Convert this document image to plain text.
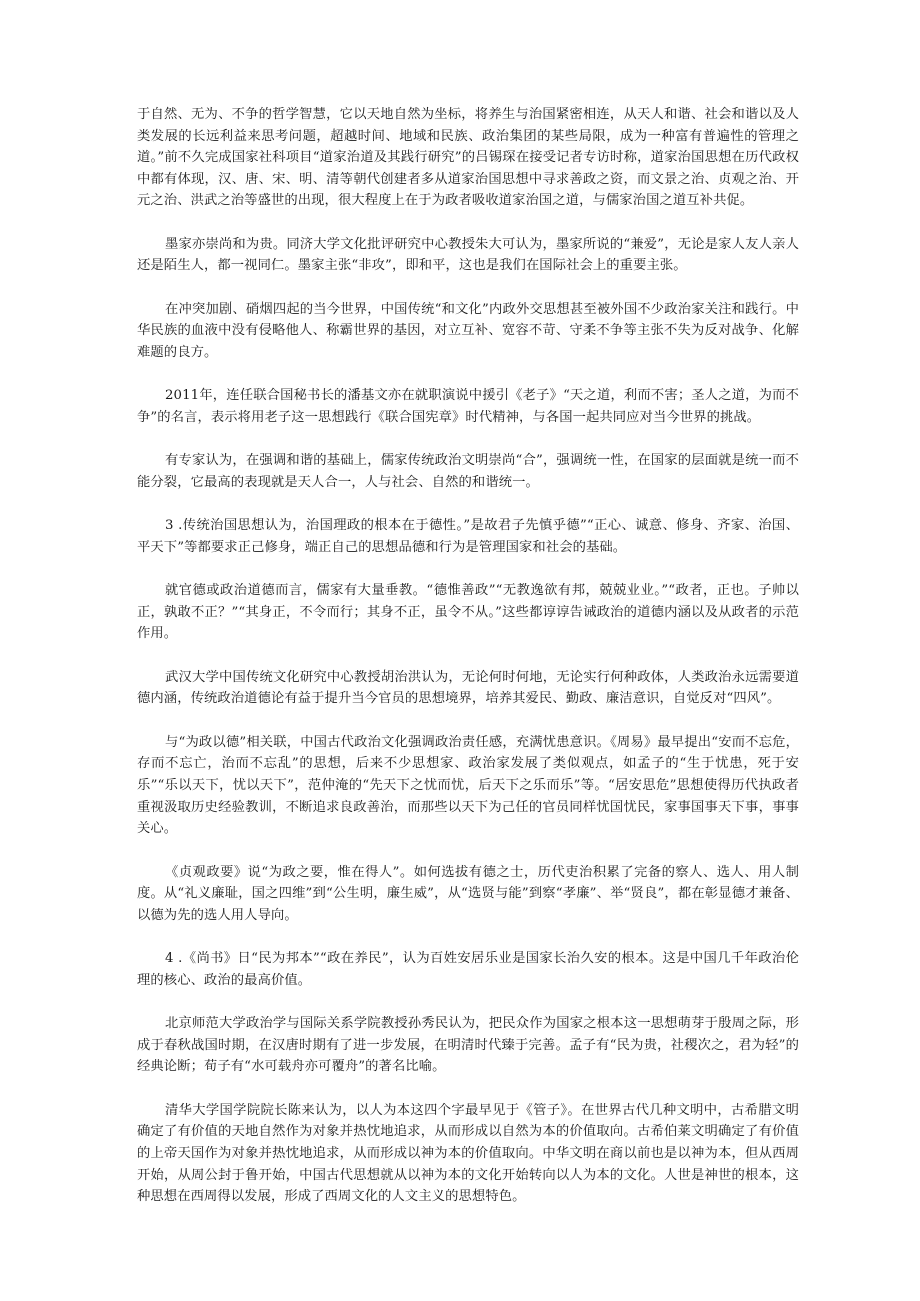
于自然、无为、不争的哲学智慧，它以天地自然为坐标，将养生与治国紧密相连，从天人和谐、社会和谐以及人类发展的长远利益来思考问题，超越时间、地域和民族、政治集团的某些局限，成为一种富有普遍性的管理之道。”前不久完成国家社科项目“道家治道及其践行研究”的吕锡琛在接受记者专访时称，道家治国思想在历代政权中都有体现，汉、唐、宋、明、清等朝代创建者多从道家治国思想中寻求善政之资，而文景之治、贞观之治、开元之治、洪武之治等盛世的出现，很大程度上在于为政者吸收道家治国之道，与儒家治国之道互补共促。

墨家亦崇尚和为贵。同济大学文化批评研究中心教授朱大可认为，墨家所说的“兼爱”，无论是家人友人亲人还是陌生人，都一视同仁。墨家主张“非攻”，即和平，这也是我们在国际社会上的重要主张。

在冲突加剧、硝烟四起的当今世界，中国传统“和文化”内政外交思想甚至被外国不少政治家关注和践行。中华民族的血液中没有侵略他人、称霸世界的基因，对立互补、宽容不苛、守柔不争等主张不失为反对战争、化解难题的良方。

2011年，连任联合国秘书长的潘基文亦在就职演说中援引《老子》“天之道，利而不害；圣人之道，为而不争”的名言，表示将用老子这一思想践行《联合国宪章》时代精神，与各国一起共同应对当今世界的挑战。

有专家认为，在强调和谐的基础上，儒家传统政治文明崇尚“合”，强调统一性，在国家的层面就是统一而不能分裂，它最高的表现就是天人合一，人与社会、自然的和谐统一。

3 .传统治国思想认为，治国理政的根本在于德性。”是故君子先慎乎德”“正心、诚意、修身、齐家、治国、平天下”等都要求正己修身，端正自己的思想品德和行为是管理国家和社会的基础。

就官德或政治道德而言，儒家有大量垂教。“德惟善政”“无教逸欲有邦，兢兢业业。”“政者，正也。子帅以正，孰敢不正？”“其身正，不令而行；其身不正，虽令不从。”这些都谆谆告诫政治的道德内涵以及从政者的示范作用。

武汉大学中国传统文化研究中心教授胡治洪认为，无论何时何地，无论实行何种政体，人类政治永远需要道德内涵，传统政治道德论有益于提升当今官员的思想境界，培养其爱民、勤政、廉洁意识，自觉反对“四风”。

与“为政以德”相关联，中国古代政治文化强调政治责任感，充满忧患意识。《周易》最早提出“安而不忘危，存而不忘亡，治而不忘乱”的思想，后来不少思想家、政治家发展了类似观点，如孟子的“生于忧患，死于安乐”“乐以天下，忧以天下”，范仲淹的“先天下之忧而忧，后天下之乐而乐”等。“居安思危”思想使得历代执政者重视汲取历史经验教训，不断追求良政善治，而那些以天下为己任的官员同样忧国忧民，家事国事天下事，事事关心。

《贞观政要》说“为政之要，惟在得人”。如何选拔有德之士，历代吏治积累了完备的察人、选人、用人制度。从“礼义廉耻，国之四维”到“公生明，廉生威”，从“选贤与能”到察“孝廉”、举“贤良”，都在彰显德才兼备、以德为先的选人用人导向。

4 .《尚书》日“民为邦本”“政在养民”，认为百姓安居乐业是国家长治久安的根本。这是中国几千年政治伦理的核心、政治的最高价值。

北京师范大学政治学与国际关系学院教授孙秀民认为，把民众作为国家之根本这一思想萌芽于殷周之际，形成于春秋战国时期，在汉唐时期有了进一步发展，在明清时代臻于完善。孟子有“民为贵，社稷次之，君为轻”的经典论断；荀子有“水可载舟亦可覆舟”的著名比喻。

清华大学国学院院长陈来认为，以人为本这四个字最早见于《管子》。在世界古代几种文明中，古希腊文明确定了有价值的天地自然作为对象并热忱地追求，从而形成以自然为本的价值取向。古希伯莱文明确定了有价值的上帝天国作为对象并热忱地追求，从而形成以神为本的价值取向。中华文明在商以前也是以神为本，但从西周开始，从周公封于鲁开始，中国古代思想就从以神为本的文化开始转向以人为本的文化。人世是神世的根本，这种思想在西周得以发展，形成了西周文化的人文主义的思想特色。
